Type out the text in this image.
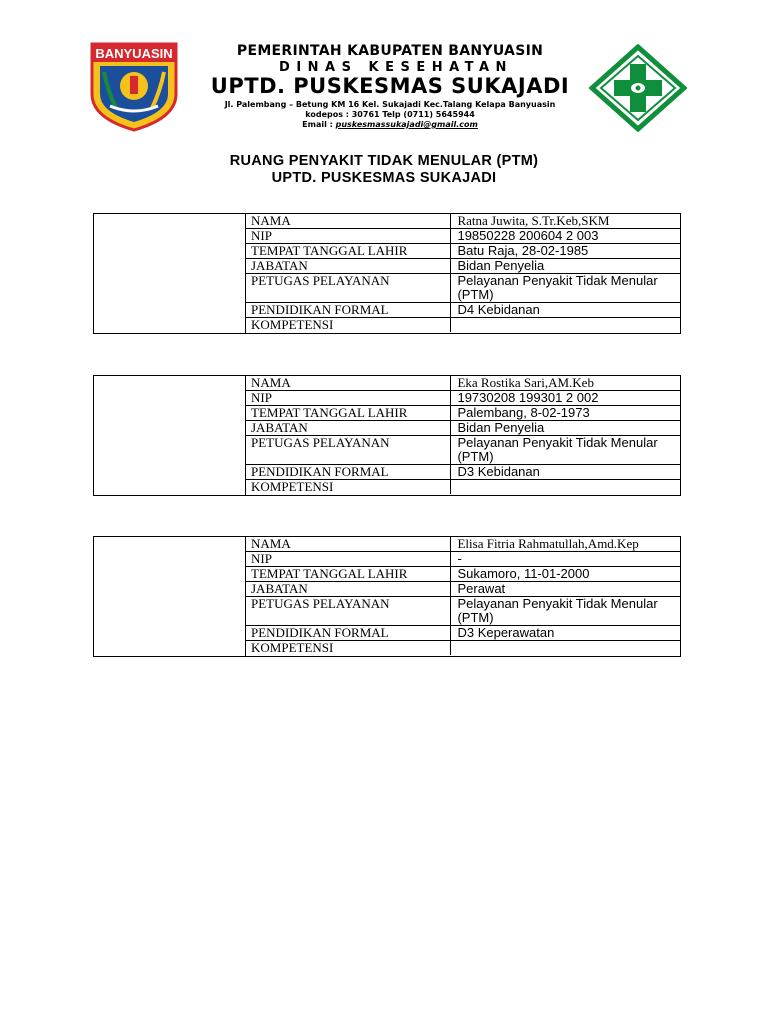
BANYUASIN	PEMERINTAH KABUPATEN BANYUASIN
DINAS KESEHATAN
UPTD. PUSKESMAS SUKAJADI
Jl. Palembang – Betung KM 16 Kel. Sukajadi Kec.Talang Kelapa Banyuasin
kodepos : 30761 Telp (0711) 5645944
Email : puskesmassukajadi@gmail.com
RUANG PENYAKIT TIDAK MENULAR (PTM)
UPTD. PUSKESMAS SUKAJADI
NAMA	Ratna Juwita, S.Tr.Keb,SKM
NIP	19850228 200604 2 003
TEMPAT TANGGAL LAHIR	Batu Raja, 28-02-1985
JABATAN	Bidan Penyelia
PETUGAS PELAYANAN	Pelayanan Penyakit Tidak Menular (PTM)
PENDIDIKAN FORMAL	D4 Kebidanan
KOMPETENSI	
NAMA	Eka Rostika Sari,AM.Keb
NIP	19730208 199301 2 002
TEMPAT TANGGAL LAHIR	Palembang, 8-02-1973
JABATAN	Bidan Penyelia
PETUGAS PELAYANAN	Pelayanan Penyakit Tidak Menular (PTM)
PENDIDIKAN FORMAL	D3 Kebidanan
KOMPETENSI	
NAMA	Elisa Fitria Rahmatullah,Amd.Kep
NIP	-
TEMPAT TANGGAL LAHIR	Sukamoro, 11-01-2000
JABATAN	Perawat
PETUGAS PELAYANAN	Pelayanan Penyakit Tidak Menular (PTM)
PENDIDIKAN FORMAL	D3 Keperawatan
KOMPETENSI	
